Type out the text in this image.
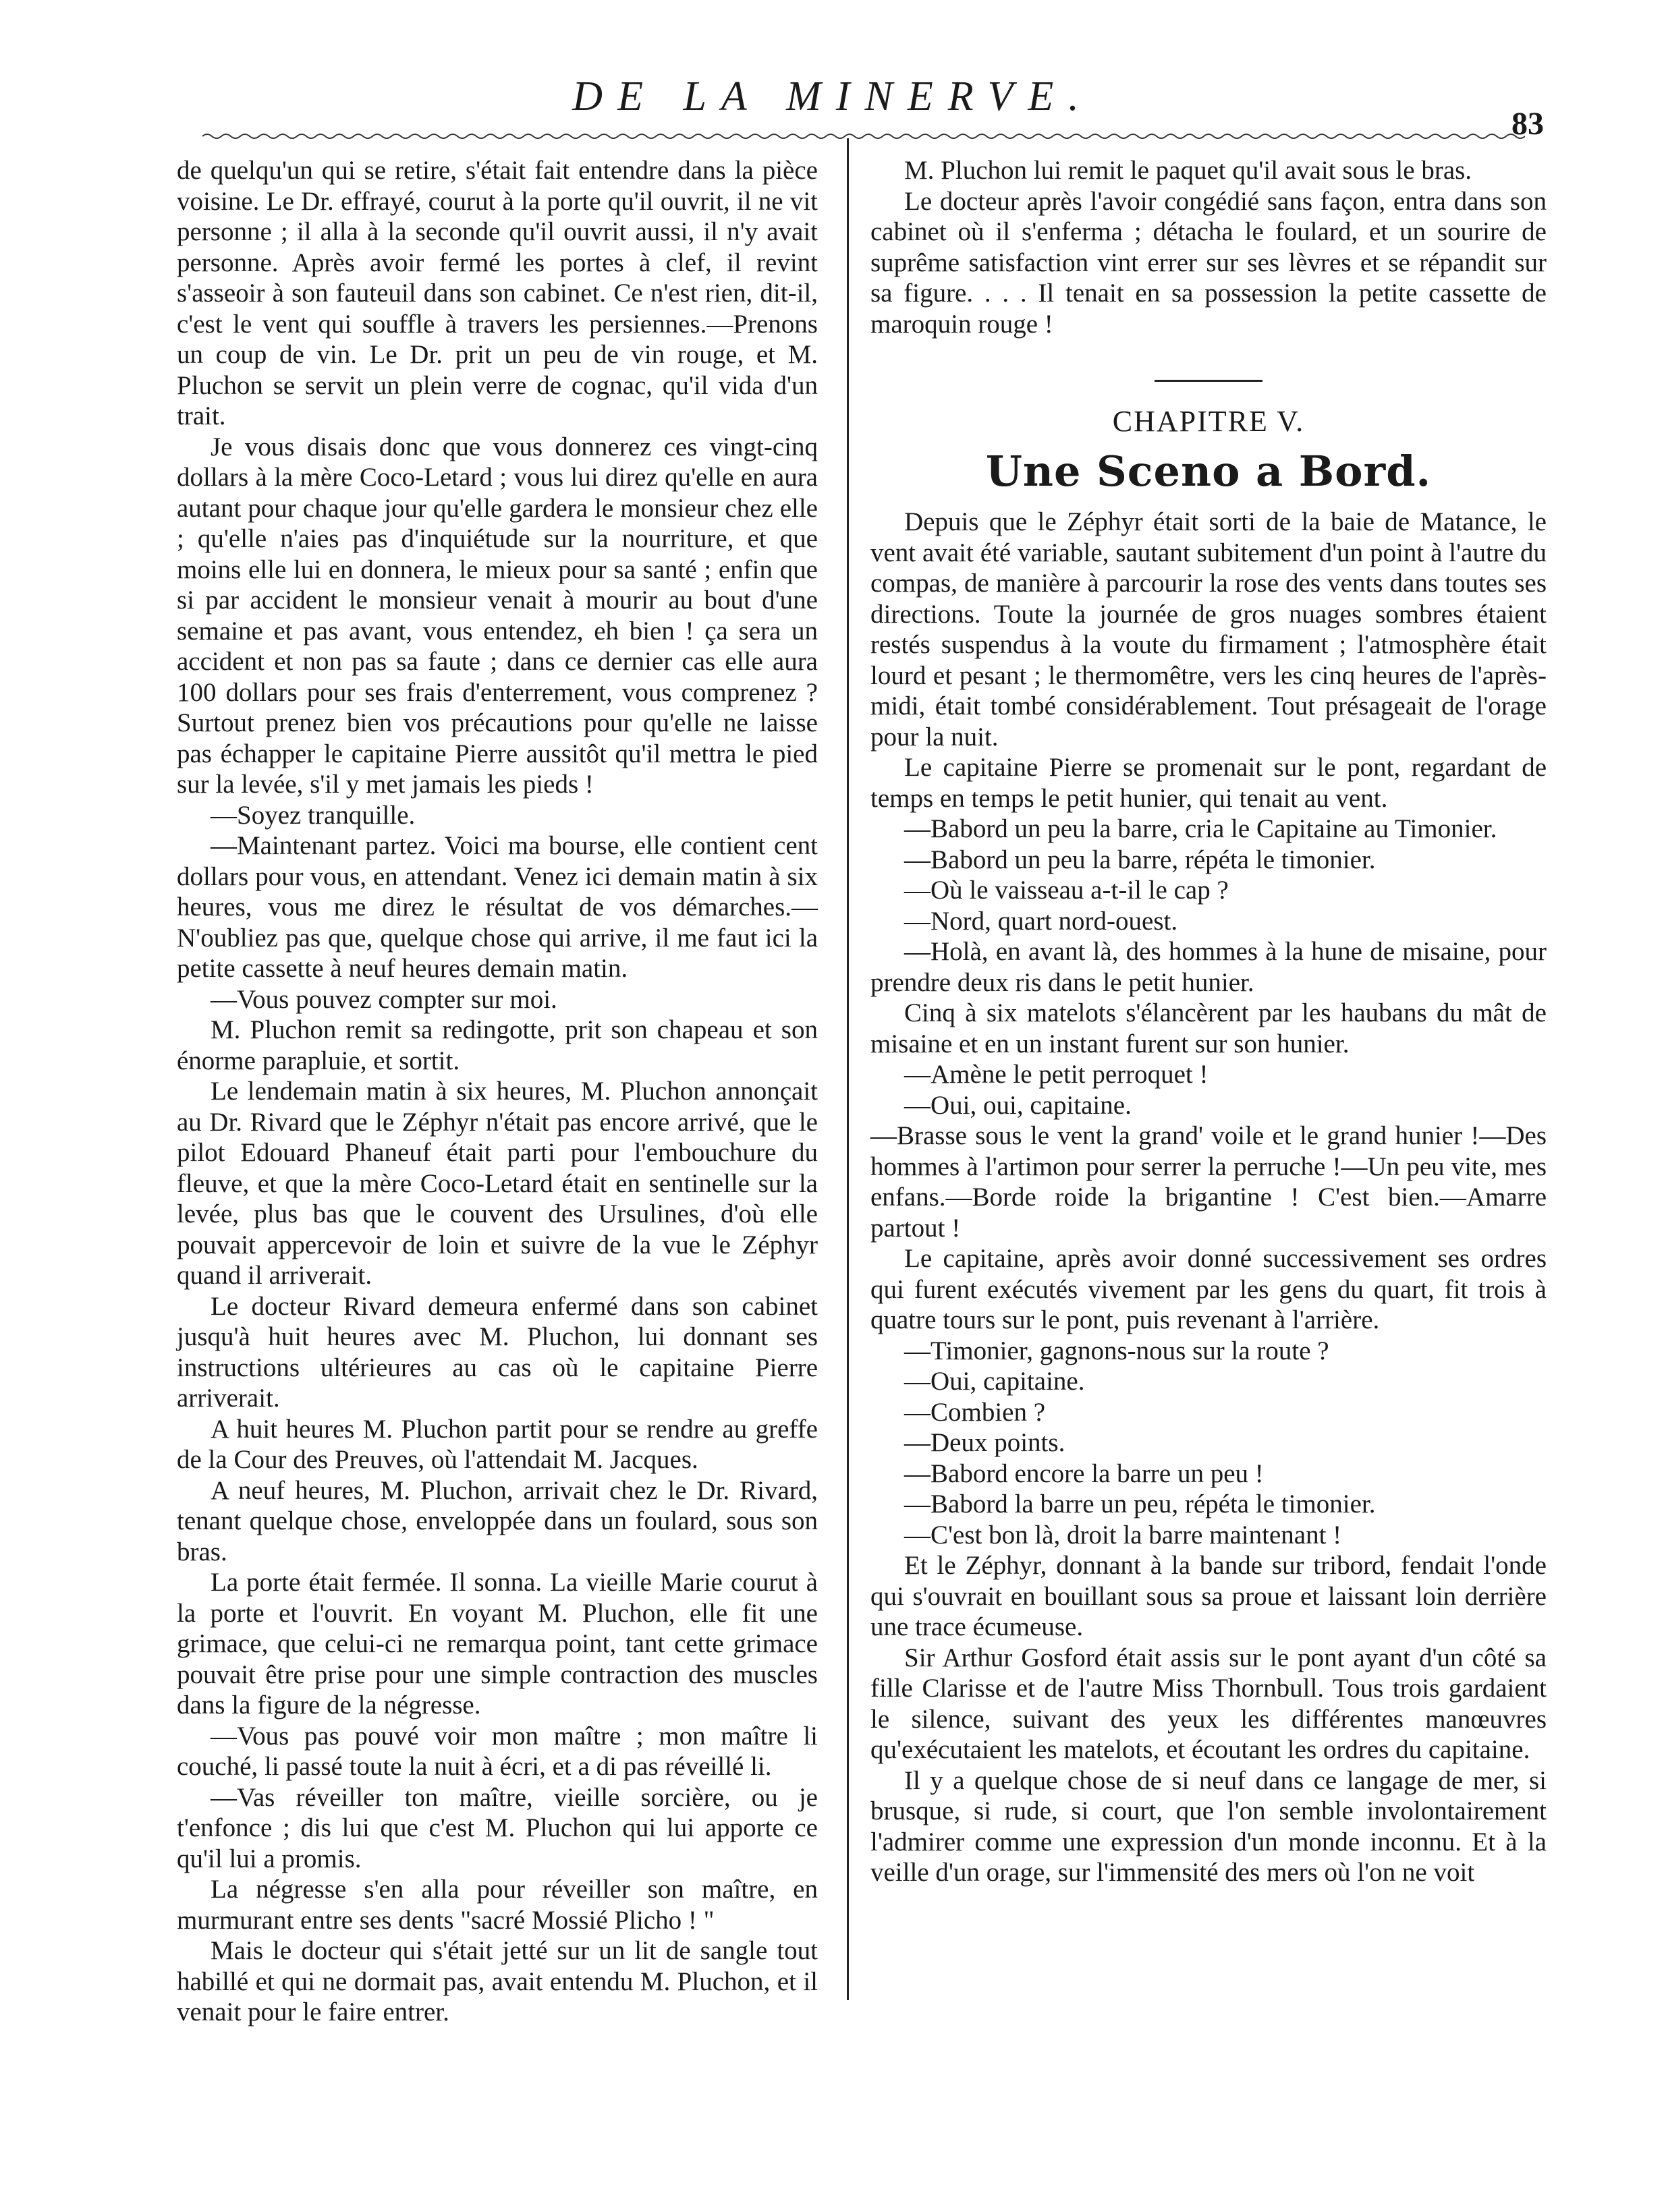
DE LA MINERVE.
83

de quelqu'un qui se retire, s'était fait entendre dans la pièce voisine. Le Dr. effrayé, courut à la porte qu'il ouvrit, il ne vit personne ; il alla à la seconde qu'il ouvrit aussi, il n'y avait personne. Après avoir fermé les portes à clef, il revint s'asseoir à son fauteuil dans son cabinet. Ce n'est rien, dit-il, c'est le vent qui souffle à travers les persiennes.—Prenons un coup de vin. Le Dr. prit un peu de vin rouge, et M. Pluchon se servit un plein verre de cognac, qu'il vida d'un trait.

Je vous disais donc que vous donnerez ces vingt-cinq dollars à la mère Coco-Letard ; vous lui direz qu'elle en aura autant pour chaque jour qu'elle gardera le monsieur chez elle ; qu'elle n'aies pas d'inquiétude sur la nourriture, et que moins elle lui en donnera, le mieux pour sa santé ; enfin que si par accident le monsieur venait à mourir au bout d'une semaine et pas avant, vous entendez, eh bien ! ça sera un accident et non pas sa faute ; dans ce dernier cas elle aura 100 dollars pour ses frais d'enterrement, vous comprenez ? Surtout prenez bien vos précautions pour qu'elle ne laisse pas échapper le capitaine Pierre aussitôt qu'il mettra le pied sur la levée, s'il y met jamais les pieds !

—Soyez tranquille.

—Maintenant partez. Voici ma bourse, elle contient cent dollars pour vous, en attendant. Venez ici demain matin à six heures, vous me direz le résultat de vos démarches.—N'oubliez pas que, quelque chose qui arrive, il me faut ici la petite cassette à neuf heures demain matin.

—Vous pouvez compter sur moi.

M. Pluchon remit sa redingotte, prit son chapeau et son énorme parapluie, et sortit.

Le lendemain matin à six heures, M. Pluchon annonçait au Dr. Rivard que le Zéphyr n'était pas encore arrivé, que le pilot Edouard Phaneuf était parti pour l'embouchure du fleuve, et que la mère Coco-Letard était en sentinelle sur la levée, plus bas que le couvent des Ursulines, d'où elle pouvait appercevoir de loin et suivre de la vue le Zéphyr quand il arriverait.

Le docteur Rivard demeura enfermé dans son cabinet jusqu'à huit heures avec M. Pluchon, lui donnant ses instructions ultérieures au cas où le capitaine Pierre arriverait.

A huit heures M. Pluchon partit pour se rendre au greffe de la Cour des Preuves, où l'attendait M. Jacques.

A neuf heures, M. Pluchon, arrivait chez le Dr. Rivard, tenant quelque chose, enveloppée dans un foulard, sous son bras.

La porte était fermée. Il sonna. La vieille Marie courut à la porte et l'ouvrit. En voyant M. Pluchon, elle fit une grimace, que celui-ci ne remarqua point, tant cette grimace pouvait être prise pour une simple contraction des muscles dans la figure de la négresse.

—Vous pas pouvé voir mon maître ; mon maître li couché, li passé toute la nuit à écri, et a di pas réveillé li.

—Vas réveiller ton maître, vieille sorcière, ou je t'enfonce ; dis lui que c'est M. Pluchon qui lui apporte ce qu'il lui a promis.

La négresse s'en alla pour réveiller son maître, en murmurant entre ses dents "sacré Mossié Plicho ! "

Mais le docteur qui s'était jetté sur un lit de sangle tout habillé et qui ne dormait pas, avait entendu M. Pluchon, et il venait pour le faire entrer.

M. Pluchon lui remit le paquet qu'il avait sous le bras.

Le docteur après l'avoir congédié sans façon, entra dans son cabinet où il s'enferma ; détacha le foulard, et un sourire de suprême satisfaction vint errer sur ses lèvres et se répandit sur sa figure. . . . Il tenait en sa possession la petite cassette de maroquin rouge !

CHAPITRE V.
Une Sceno a Bord.

Depuis que le Zéphyr était sorti de la baie de Matance, le vent avait été variable, sautant subitement d'un point à l'autre du compas, de manière à parcourir la rose des vents dans toutes ses directions. Toute la journée de gros nuages sombres étaient restés suspendus à la voute du firmament ; l'atmosphère était lourd et pesant ; le thermomêtre, vers les cinq heures de l'après-midi, était tombé considérablement. Tout présageait de l'orage pour la nuit.

Le capitaine Pierre se promenait sur le pont, regardant de temps en temps le petit hunier, qui tenait au vent.

—Babord un peu la barre, cria le Capitaine au Timonier.

—Babord un peu la barre, répéta le timonier.

—Où le vaisseau a-t-il le cap ?

—Nord, quart nord-ouest.

—Holà, en avant là, des hommes à la hune de misaine, pour prendre deux ris dans le petit hunier.

Cinq à six matelots s'élancèrent par les haubans du mât de misaine et en un instant furent sur son hunier.

—Amène le petit perroquet !

—Oui, oui, capitaine.

—Brasse sous le vent la grand' voile et le grand hunier !—Des hommes à l'artimon pour serrer la perruche !—Un peu vite, mes enfans.—Borde roide la brigantine ! C'est bien.—Amarre partout !

Le capitaine, après avoir donné successivement ses ordres qui furent exécutés vivement par les gens du quart, fit trois à quatre tours sur le pont, puis revenant à l'arrière.

—Timonier, gagnons-nous sur la route ?

—Oui, capitaine.

—Combien ?

—Deux points.

—Babord encore la barre un peu !

—Babord la barre un peu, répéta le timonier.

—C'est bon là, droit la barre maintenant !

Et le Zéphyr, donnant à la bande sur tribord, fendait l'onde qui s'ouvrait en bouillant sous sa proue et laissant loin derrière une trace écumeuse.

Sir Arthur Gosford était assis sur le pont ayant d'un côté sa fille Clarisse et de l'autre Miss Thornbull. Tous trois gardaient le silence, suivant des yeux les différentes manœuvres qu'exécutaient les matelots, et écoutant les ordres du capitaine.

Il y a quelque chose de si neuf dans ce langage de mer, si brusque, si rude, si court, que l'on semble involontairement l'admirer comme une expression d'un monde inconnu. Et à la veille d'un orage, sur l'immensité des mers où l'on ne voit
